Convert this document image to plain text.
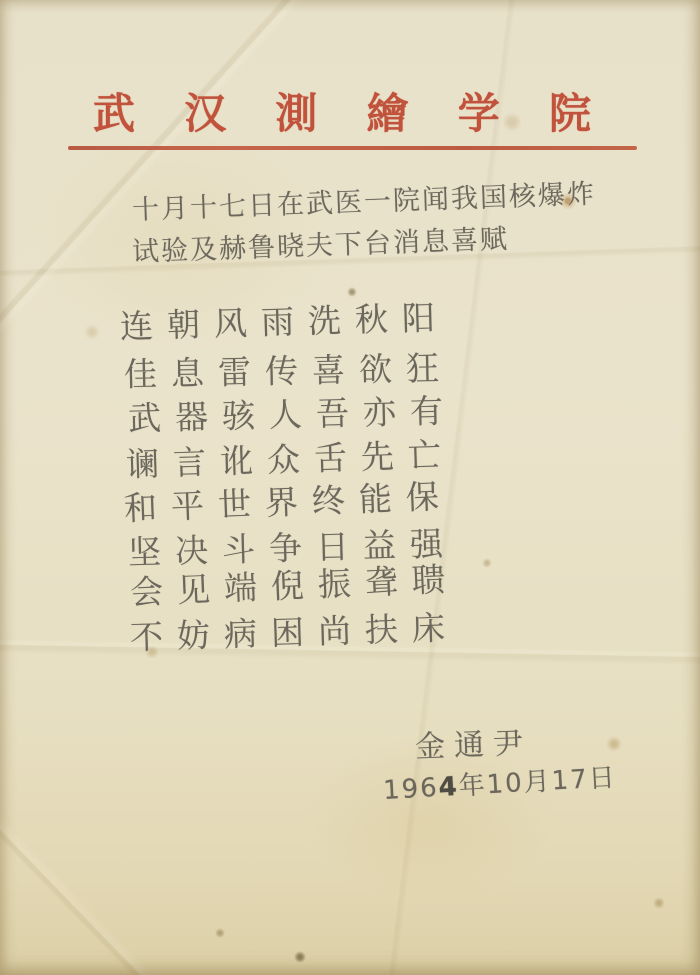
武 汉 測 繪 学 院
十月十七日在武医一院闻我国核爆炸
试验及赫鲁晓夫下台消息喜赋
连朝风雨洗秋阳
佳息雷传喜欲狂
武器骇人吾亦有
谰言讹众舌先亡
和平世界终能保
坚决斗争日益强
会见端倪振聋聩
不妨病困尚扶床
金通尹
1964年10月17日
